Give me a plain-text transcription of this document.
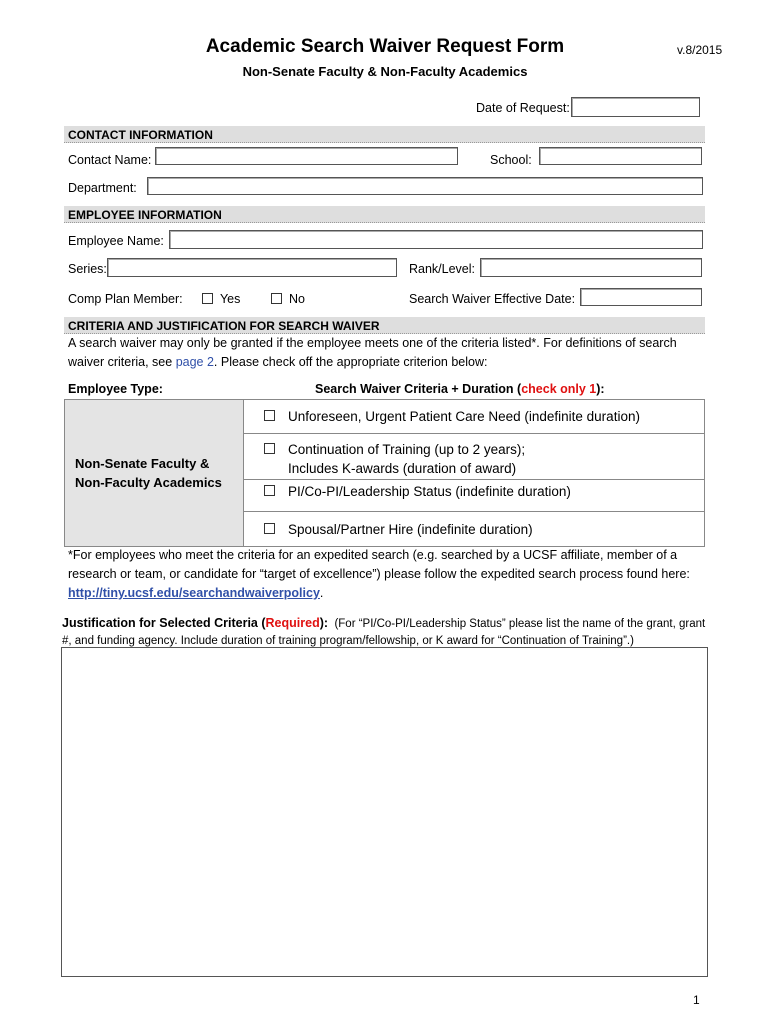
Academic Search Waiver Request Form	v.8/2015
Non-Senate Faculty & Non-Faculty Academics
Date of Request:
CONTACT INFORMATION
Contact Name:	School:
Department:
EMPLOYEE INFORMATION
Employee Name:
Series:	Rank/Level:
Comp Plan Member:	Yes	No	Search Waiver Effective Date:
CRITERIA AND JUSTIFICATION FOR SEARCH WAIVER
A search waiver may only be granted if the employee meets one of the criteria listed*. For definitions of search waiver criteria, see page 2. Please check off the appropriate criterion below:
Employee Type:	Search Waiver Criteria + Duration (check only 1):
Non-Senate Faculty &
Non-Faculty Academics

Unforeseen, Urgent Patient Care Need (indefinite duration)

Continuation of Training (up to 2 years);
Includes K-awards (duration of award)

PI/Co-PI/Leadership Status (indefinite duration)

Spousal/Partner Hire (indefinite duration)
*For employees who meet the criteria for an expedited search (e.g. searched by a UCSF affiliate, member of a research or team, or candidate for “target of excellence”) please follow the expedited search process found here: http://tiny.ucsf.edu/searchandwaiverpolicy.
Justification for Selected Criteria (Required): (For “PI/Co-PI/Leadership Status” please list the name of the grant, grant #, and funding agency. Include duration of training program/fellowship, or K award for “Continuation of Training”.)
1
